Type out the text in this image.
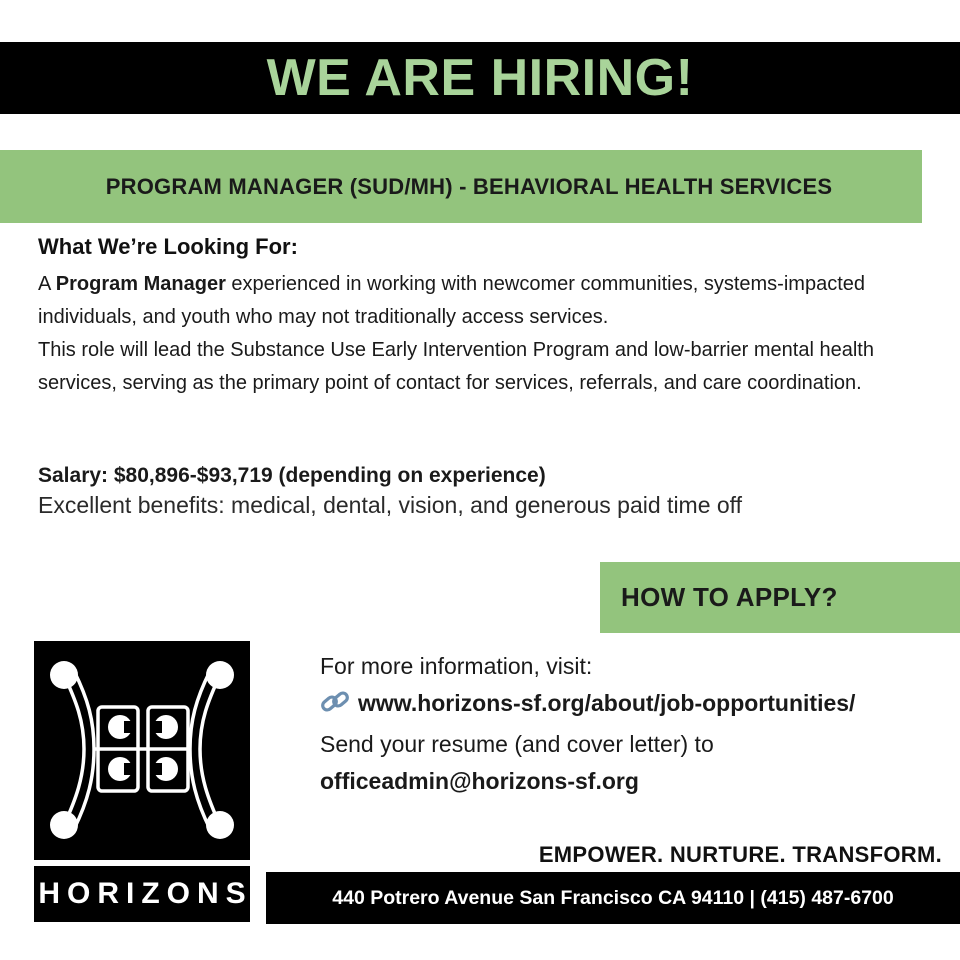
WE ARE HIRING!
PROGRAM MANAGER (SUD/MH) - BEHAVIORAL HEALTH SERVICES
What We’re Looking For:
A Program Manager experienced in working with newcomer communities, systems-impacted individuals, and youth who may not traditionally access services.
This role will lead the Substance Use Early Intervention Program and low-barrier mental health services, serving as the primary point of contact for services, referrals, and care coordination.
Salary: $80,896-$93,719 (depending on experience)
Excellent benefits: medical, dental, vision, and generous paid time off
HOW TO APPLY?
HORIZONS
For more information, visit:
www.horizons-sf.org/about/job-opportunities/
Send your resume (and cover letter) to
officeadmin@horizons-sf.org
EMPOWER. NURTURE. TRANSFORM.
440 Potrero Avenue San Francisco CA 94110 | (415) 487-6700
